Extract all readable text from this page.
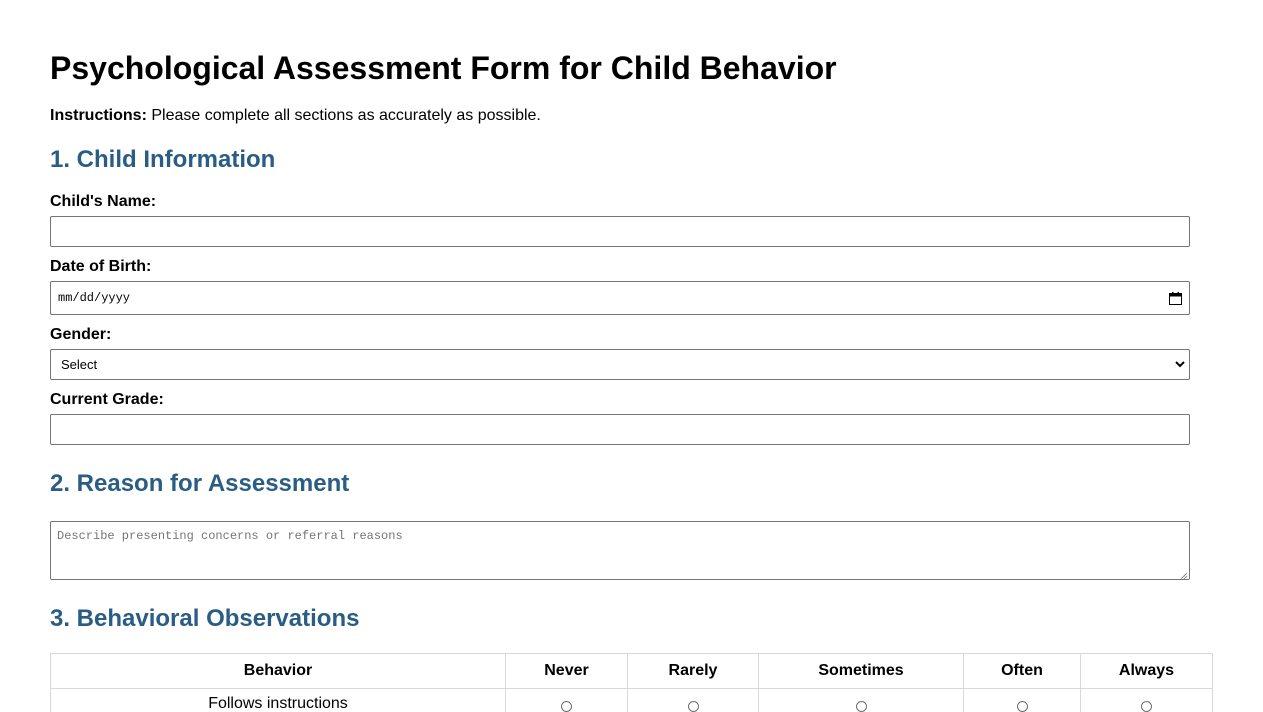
Psychological Assessment Form for Child Behavior
Instructions: Please complete all sections as accurately as possible.
1. Child Information
Child's Name:
Date of Birth:
mm/dd/yyyy
Gender:
Select
Current Grade:
2. Reason for Assessment
Describe presenting concerns or referral reasons
3. Behavioral Observations
Behavior	Never	Rarely	Sometimes	Often	Always
Follows instructions					
